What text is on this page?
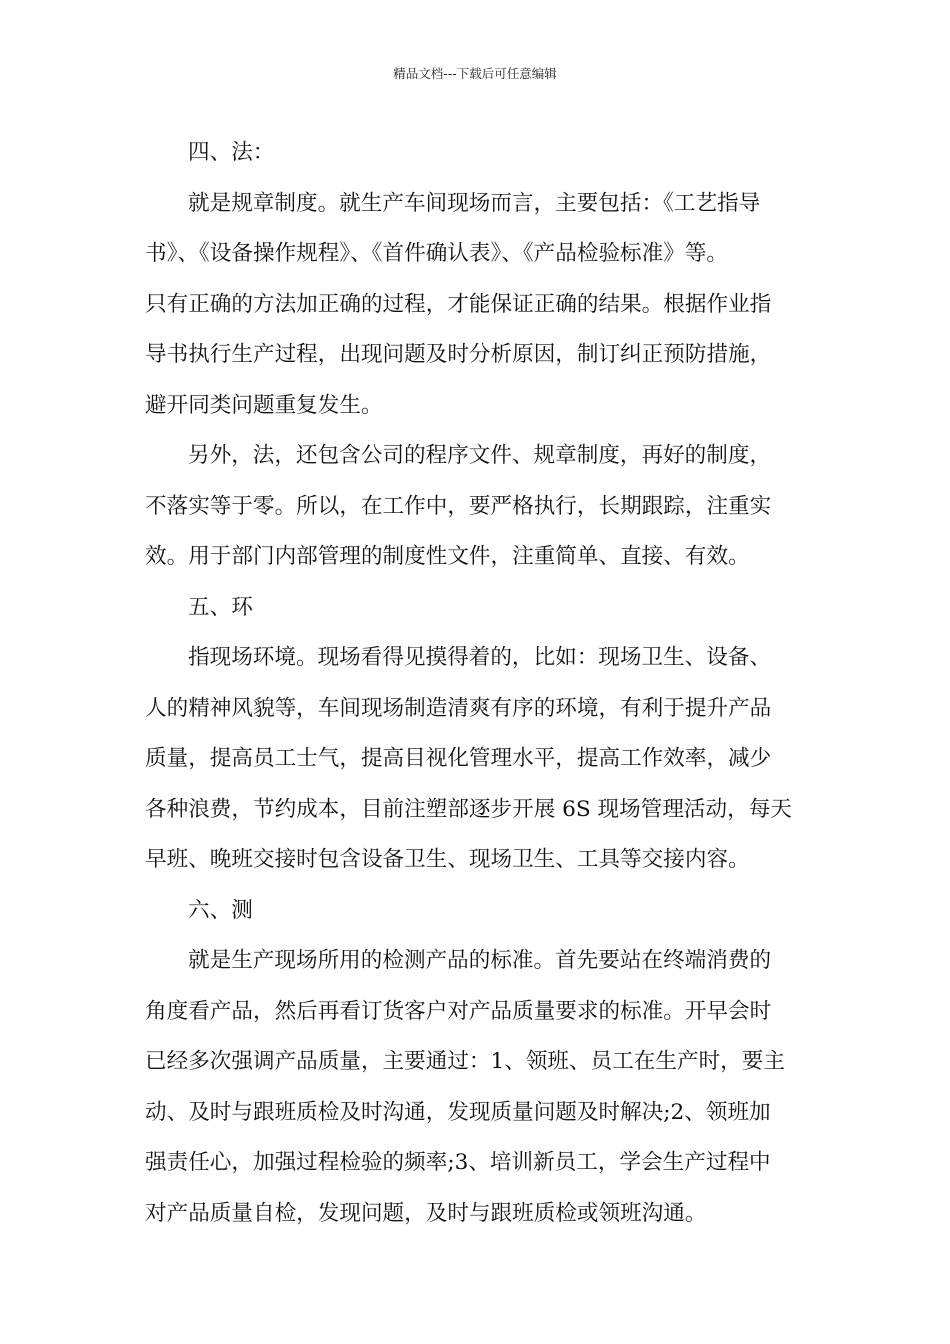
精品文档---下载后可任意编辑
四、法：
就是规章制度。就生产车间现场而言，主要包括：《工艺指导
书》、《设备操作规程》、《首件确认表》、《产品检验标准》等。
只有正确的方法加正确的过程，才能保证正确的结果。根据作业指
导书执行生产过程，出现问题及时分析原因，制订纠正预防措施，
避开同类问题重复发生。
另外，法，还包含公司的程序文件、规章制度，再好的制度，
不落实等于零。所以，在工作中，要严格执行，长期跟踪，注重实
效。用于部门内部管理的制度性文件，注重简单、直接、有效。
五、环
指现场环境。现场看得见摸得着的，比如：现场卫生、设备、
人的精神风貌等，车间现场制造清爽有序的环境，有利于提升产品
质量，提高员工士气，提高目视化管理水平，提高工作效率，减少
各种浪费，节约成本，目前注塑部逐步开展 6S 现场管理活动，每天
早班、晚班交接时包含设备卫生、现场卫生、工具等交接内容。
六、测
就是生产现场所用的检测产品的标准。首先要站在终端消费的
角度看产品，然后再看订货客户对产品质量要求的标准。开早会时
已经多次强调产品质量，主要通过：1、领班、员工在生产时，要主
动、及时与跟班质检及时沟通，发现质量问题及时解决;2、领班加
强责任心，加强过程检验的频率;3、培训新员工，学会生产过程中
对产品质量自检，发现问题，及时与跟班质检或领班沟通。
